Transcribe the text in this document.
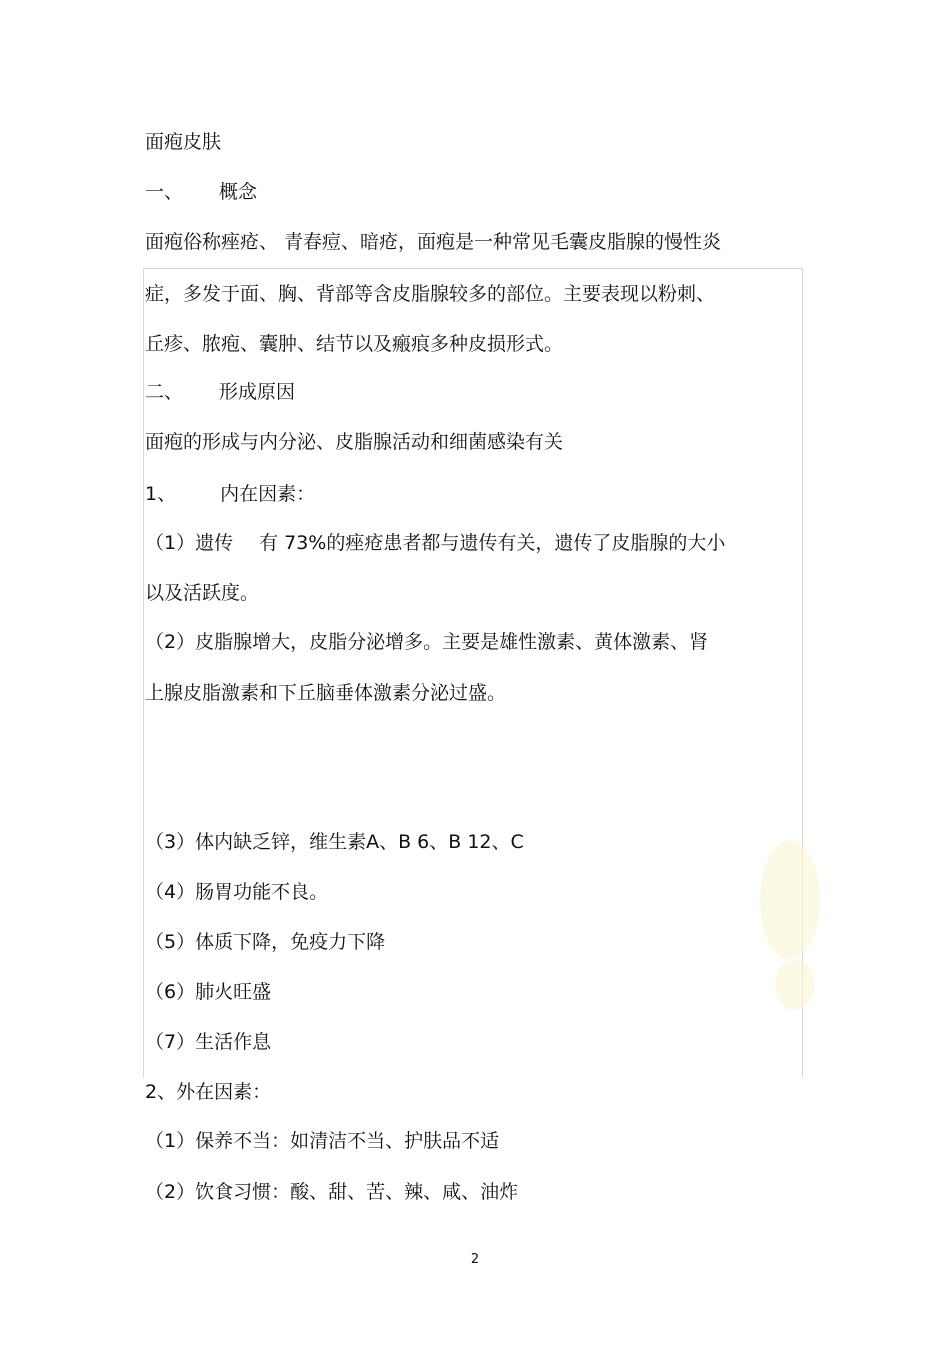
面疱皮肤
一、 概念
面疱俗称痤疮、 青春痘、暗疮，面疱是一种常见毛囊皮脂腺的慢性炎
症，多发于面、胸、背部等含皮脂腺较多的部位。主要表现以粉刺、
丘疹、脓疱、囊肿、结节以及瘢痕多种皮损形式。
二、 形成原因
面疱的形成与内分泌、皮脂腺活动和细菌感染有关
1、 内在因素：
（1）遗传 有 73%的痤疮患者都与遗传有关，遗传了皮脂腺的大小
以及活跃度。
（2）皮脂腺增大，皮脂分泌增多。主要是雄性激素、黄体激素、肾
上腺皮脂激素和下丘脑垂体激素分泌过盛。
（3）体内缺乏锌，维生素A、B 6、B 12、C
（4）肠胃功能不良。
（5）体质下降，免疫力下降
（6）肺火旺盛
（7）生活作息
2、外在因素：
（1）保养不当：如清洁不当、护肤品不适
（2）饮食习惯：酸、甜、苦、辣、咸、油炸
2
